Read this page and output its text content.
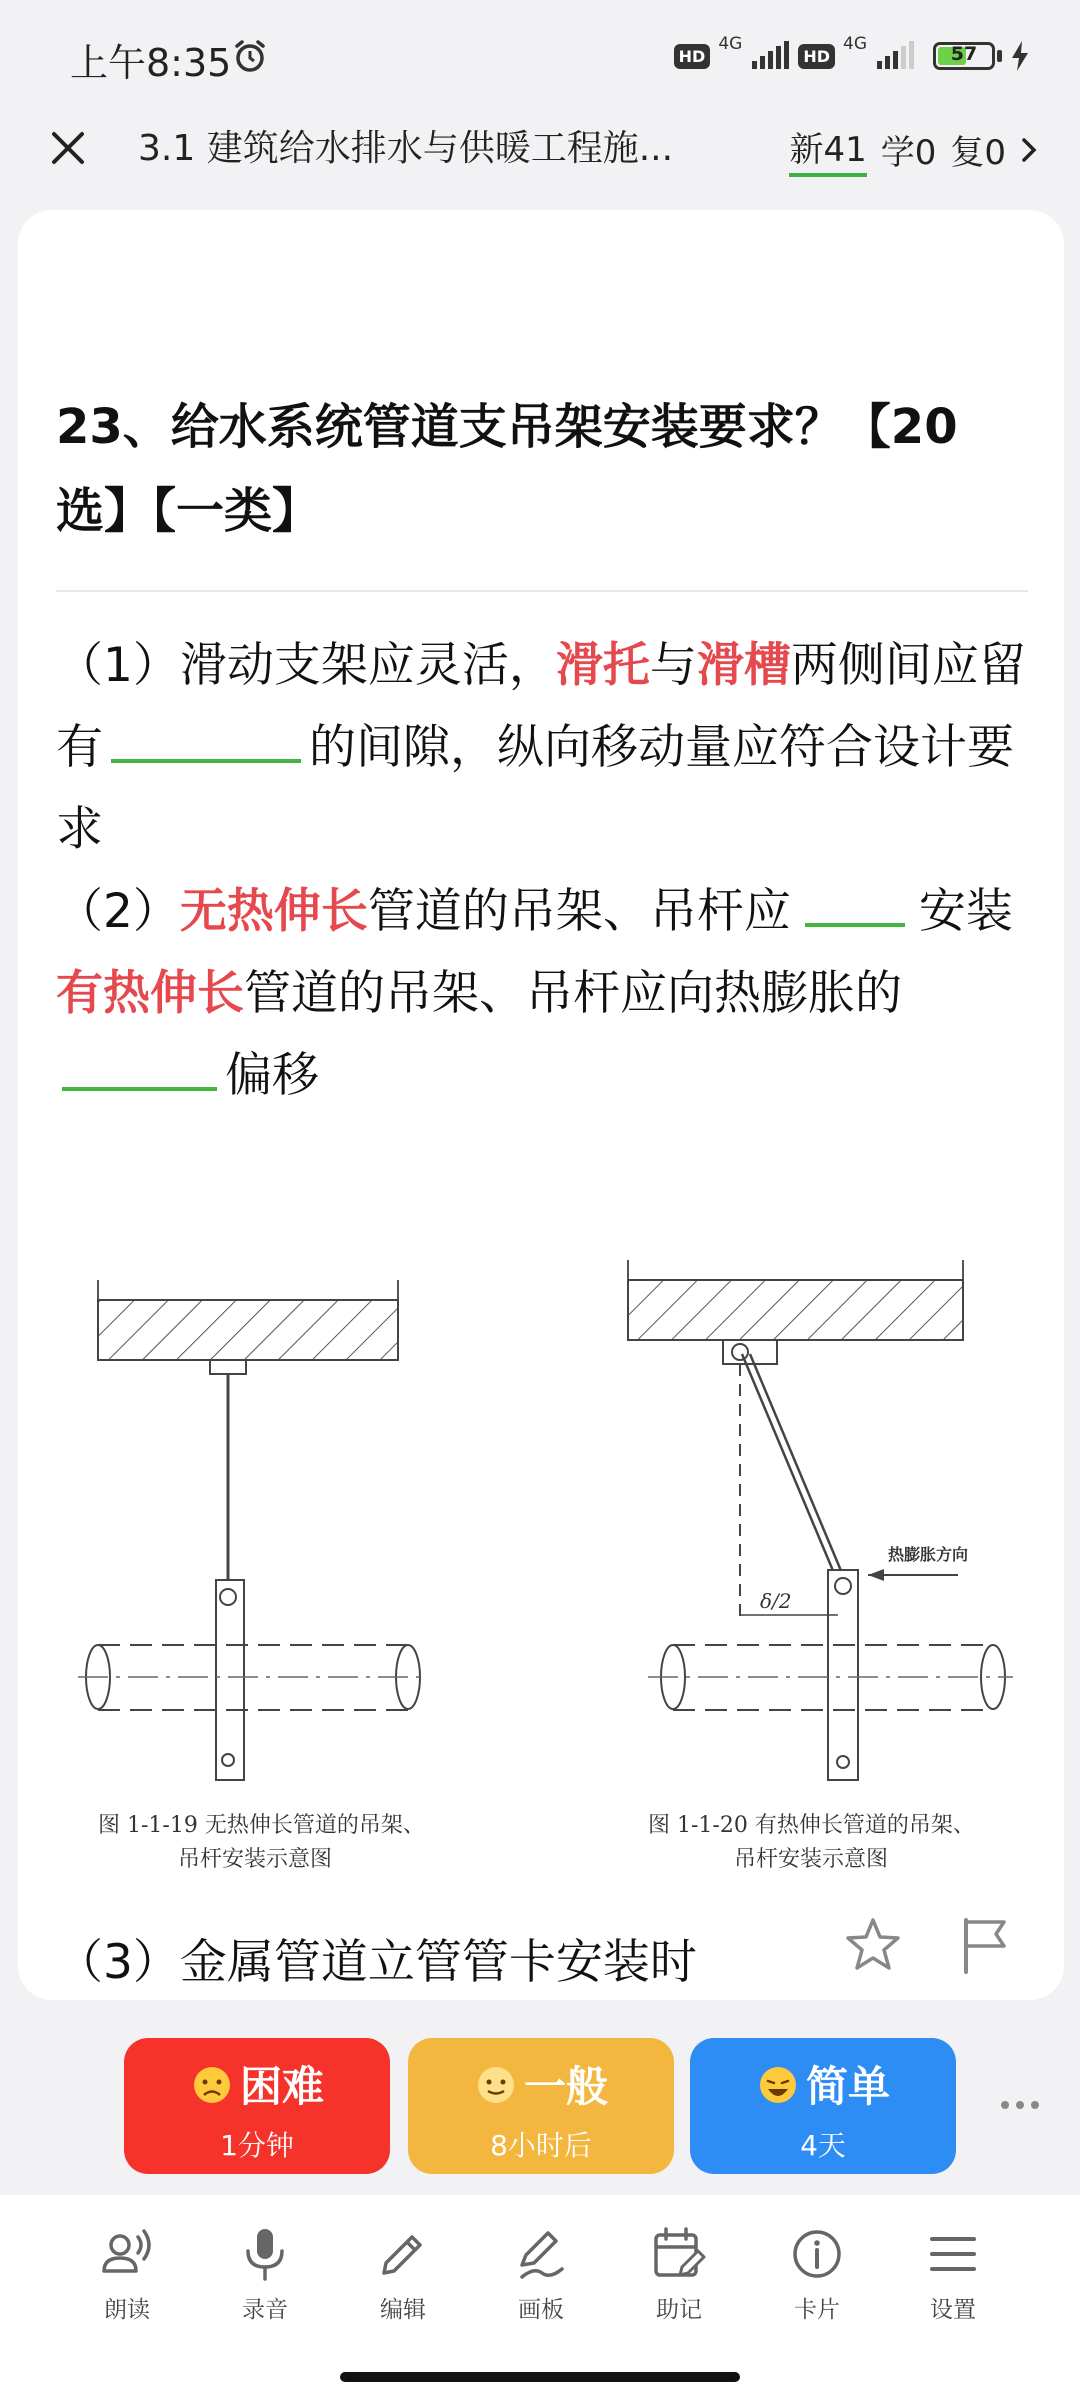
上午8:35	HD
4G
HD
4G	57
3.1 建筑给水排水与供暖工程施...	新41 学0 复0
23、给水系统管道支吊架安装要求？【20选】【一类】
（1）滑动支架应灵活，滑托与滑槽两侧间应留有	的间隙，纵向移动量应符合设计要求
（2）无热伸长管道的吊架、吊杆应	安装
有热伸长管道的吊架、吊杆应向热膨胀的
偏移
图 1-1-19 无热伸长管道的吊架、
吊杆安装示意图
δ/2
热膨胀方向
图 1-1-20 有热伸长管道的吊架、
吊杆安装示意图
（3）金属管道立管管卡安装时
困难
1分钟
一般
8小时后
简单
4天
朗读	录音	编辑	画板	助记	卡片	设置
